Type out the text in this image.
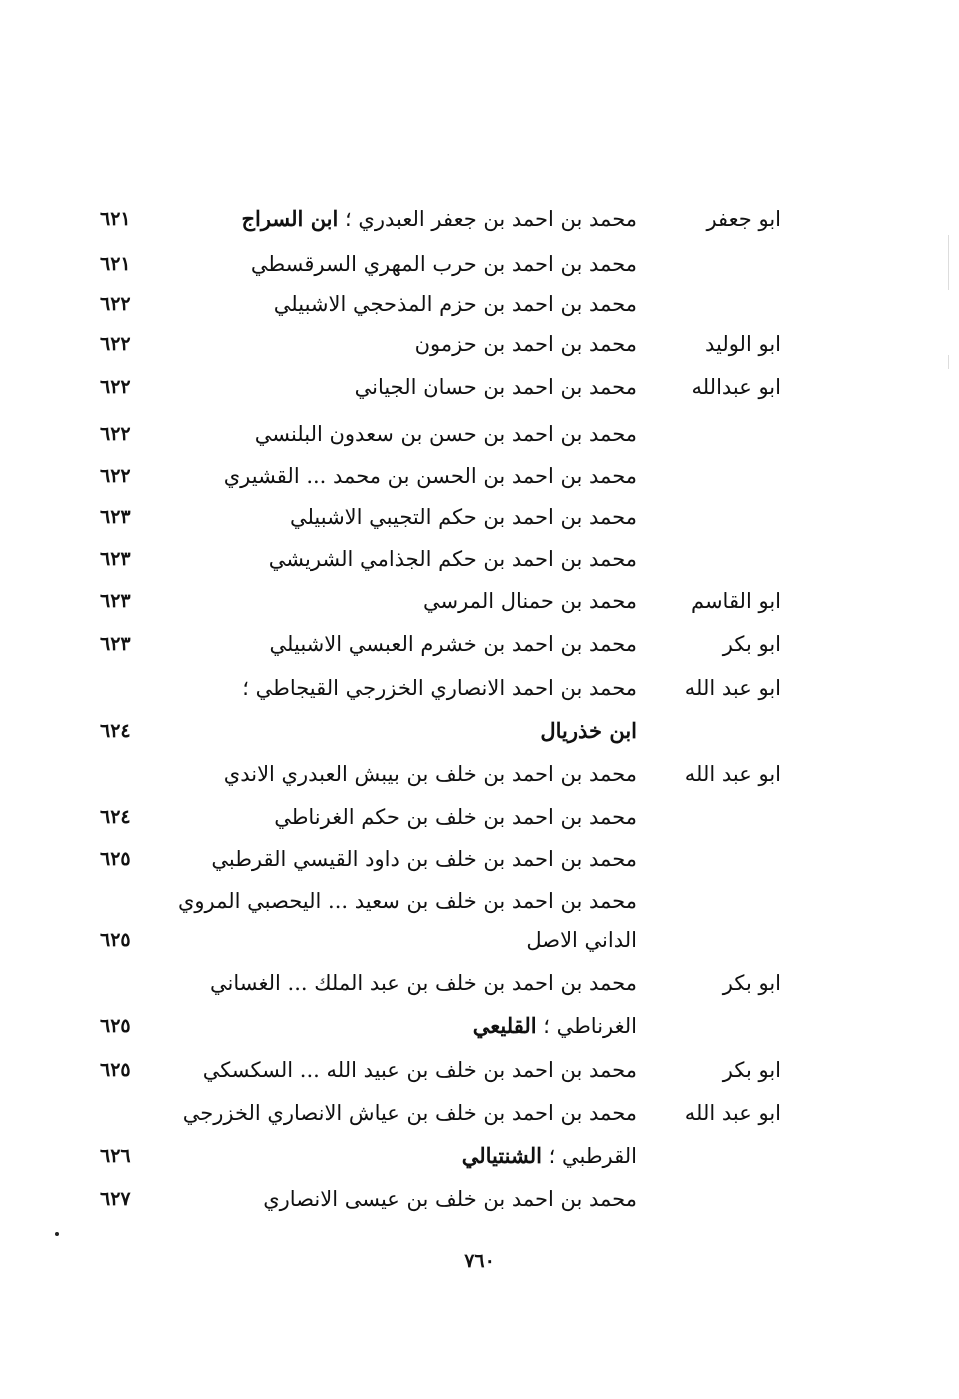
ابو جعفر
محمد بن احمد بن جعفر العبدري ؛ ابن السراج
٦٢١
محمد بن احمد بن حرب المهري السرقسطي
٦٢١
محمد بن احمد بن حزم المذحجي الاشبيلي
٦٢٢
ابو الوليد
محمد بن احمد بن حزمون
٦٢٢
ابو عبدالله
محمد بن احمد بن حسان الجياني
٦٢٢
محمد بن احمد بن حسن بن سعدون البلنسي
٦٢٢
محمد بن احمد بن الحسن بن محمد ... القشيري
٦٢٢
محمد بن احمد بن حكم التجيبي الاشبيلي
٦٢٣
محمد بن احمد بن حكم الجذامي الشريشي
٦٢٣
ابو القاسم
محمد بن حمنال المرسي
٦٢٣
ابو بكر
محمد بن احمد بن خشرم العبسي الاشبيلي
٦٢٣
ابو عبد الله
محمد بن احمد الانصاري الخزرجي القيجاطي ؛
ابن خذريال
٦٢٤
ابو عبد الله
محمد بن احمد بن خلف بن بيبش العبدري الاندي
محمد بن احمد بن خلف بن حكم الغرناطي
٦٢٤
محمد بن احمد بن خلف بن داود القيسي القرطبي
٦٢٥
محمد بن احمد بن خلف بن سعيد ... اليحصبي المروي
الداني الاصل
٦٢٥
ابو بكر
محمد بن احمد بن خلف بن عبد الملك ... الغساني
الغرناطي ؛ القليعي
٦٢٥
ابو بكر
محمد بن احمد بن خلف بن عبيد الله ... السكسكي
٦٢٥
ابو عبد الله
محمد بن احمد بن خلف بن عياش الانصاري الخزرجي
القرطبي ؛ الشنتيالي
٦٢٦
محمد بن احمد بن خلف بن عيسى الانصاري
٦٢٧
٧٦٠
